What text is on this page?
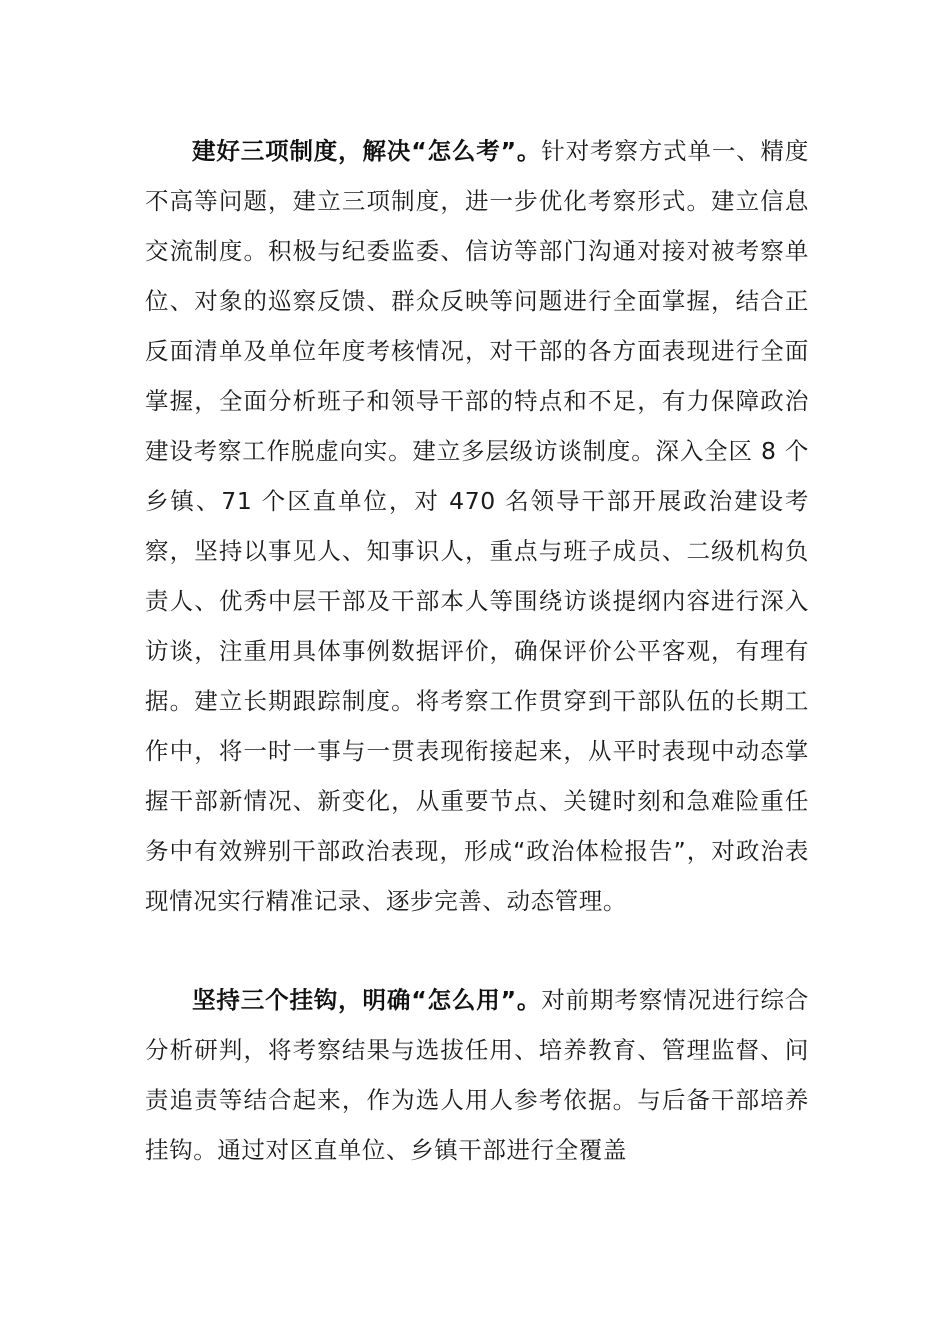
建好三项制度，解决“怎么考”。针对考察方式单一、精度不高等问题，建立三项制度，进一步优化考察形式。建立信息交流制度。积极与纪委监委、信访等部门沟通对接对被考察单位、对象的巡察反馈、群众反映等问题进行全面掌握，结合正反面清单及单位年度考核情况，对干部的各方面表现进行全面掌握，全面分析班子和领导干部的特点和不足，有力保障政治建设考察工作脱虚向实。建立多层级访谈制度。深入全区 8 个乡镇、71 个区直单位，对 470 名领导干部开展政治建设考察，坚持以事见人、知事识人，重点与班子成员、二级机构负责人、优秀中层干部及干部本人等围绕访谈提纲内容进行深入访谈，注重用具体事例数据评价，确保评价公平客观，有理有据。建立长期跟踪制度。将考察工作贯穿到干部队伍的长期工作中，将一时一事与一贯表现衔接起来，从平时表现中动态掌握干部新情况、新变化，从重要节点、关键时刻和急难险重任务中有效辨别干部政治表现，形成“政治体检报告”，对政治表现情况实行精准记录、逐步完善、动态管理。

坚持三个挂钩，明确“怎么用”。对前期考察情况进行综合分析研判，将考察结果与选拔任用、培养教育、管理监督、问责追责等结合起来，作为选人用人参考依据。与后备干部培养挂钩。通过对区直单位、乡镇干部进行全覆盖
